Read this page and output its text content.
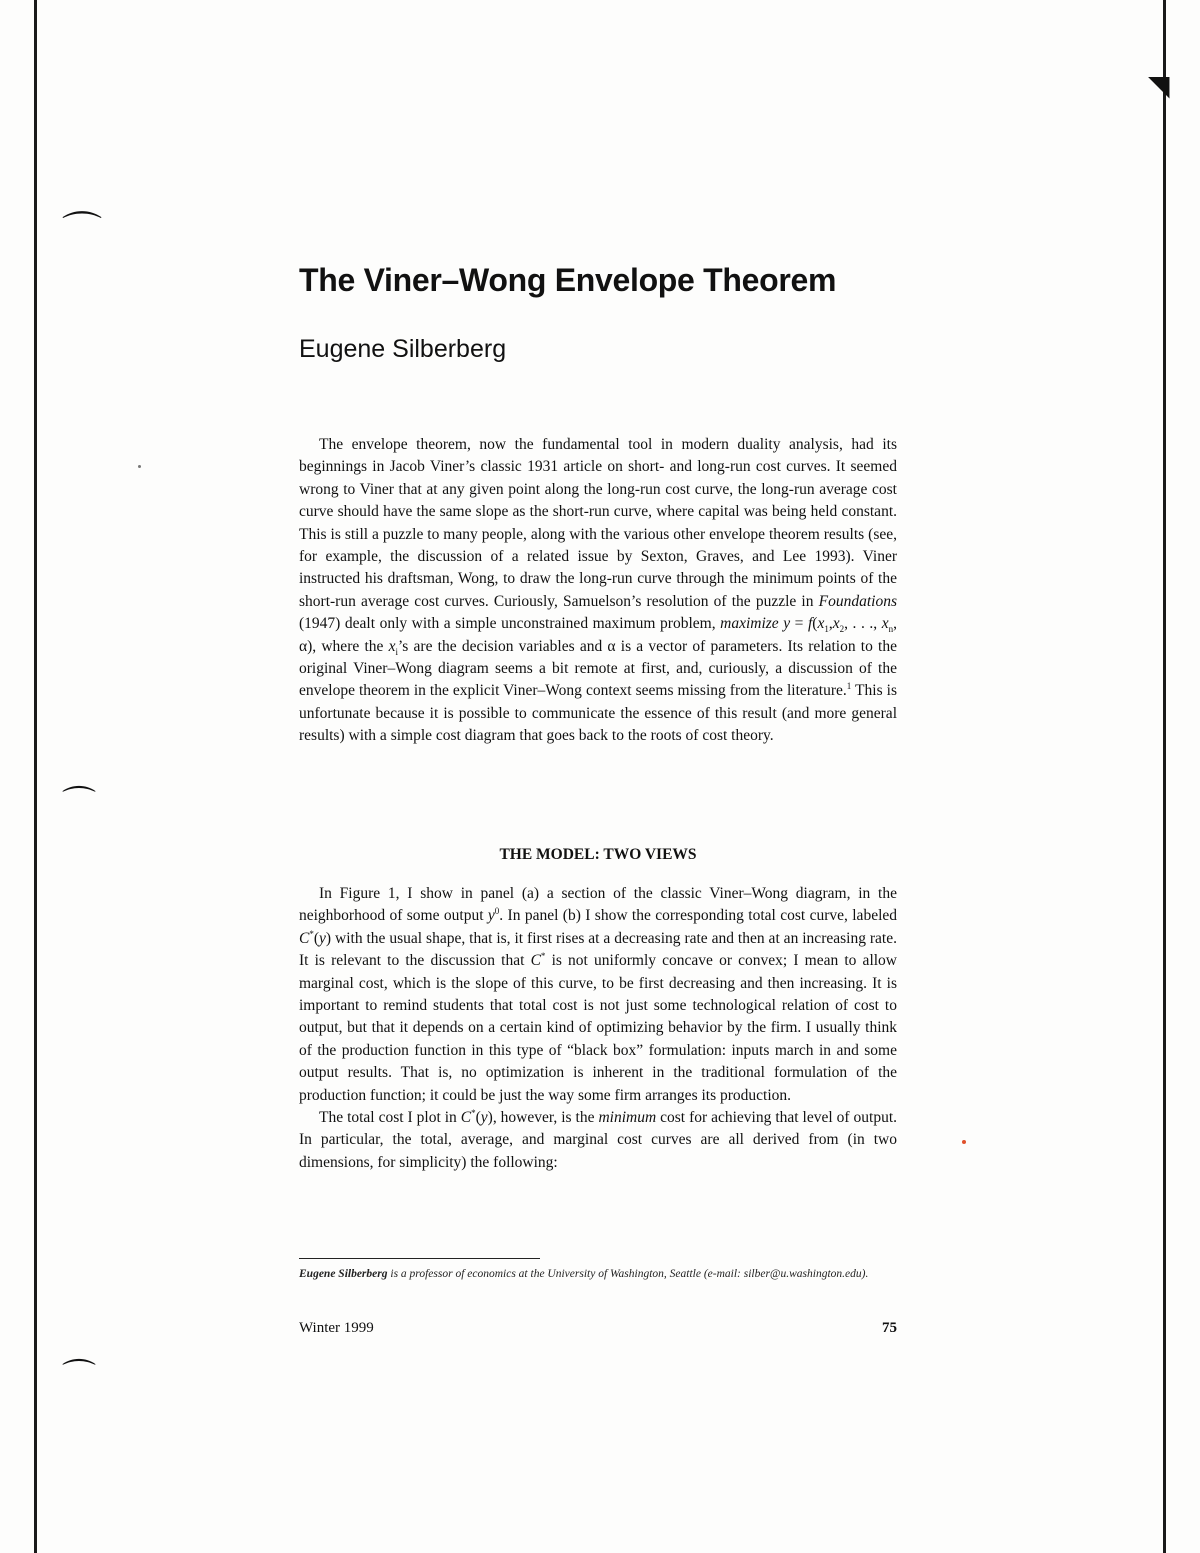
⌒
⌒
⌒
◥
The Viner–Wong Envelope Theorem
Eugene Silberberg

The envelope theorem, now the fundamental tool in modern duality analysis, had its beginnings in Jacob Viner’s classic 1931 article on short- and long-run cost curves. It seemed wrong to Viner that at any given point along the long-run cost curve, the long-run average cost curve should have the same slope as the short-run curve, where capital was being held constant. This is still a puzzle to many people, along with the various other envelope theorem results (see, for example, the discussion of a related issue by Sexton, Graves, and Lee 1993). Viner instructed his draftsman, Wong, to draw the long-run curve through the minimum points of the short-run average cost curves. Curiously, Samuelson’s resolution of the puzzle in Foundations (1947) dealt only with a simple unconstrained maximum problem, maximize $y = f(x_1,x_2$, . . ., $x_n$, α), where the $x_i’s$ are the decision variables and α is a vector of parameters. Its relation to the original Viner–Wong diagram seems a bit remote at first, and, curiously, a discussion of the envelope theorem in the explicit Viner–Wong context seems missing from the literature.$^1$ This is unfortunate because it is possible to communicate the essence of this result (and more general results) with a simple cost diagram that goes back to the roots of cost theory.

THE MODEL: TWO VIEWS

In Figure 1, I show in panel (a) a section of the classic Viner–Wong diagram, in the neighborhood of some output $y^0$. In panel (b) I show the corresponding total cost curve, labeled C*(y) with the usual shape, that is, it first rises at a decreasing rate and then at an increasing rate. It is relevant to the discussion that C* is not uniformly concave or convex; I mean to allow marginal cost, which is the slope of this curve, to be first decreasing and then increasing. It is important to remind students that total cost is not just some technological relation of cost to output, but that it depends on a certain kind of optimizing behavior by the firm. I usually think of the production function in this type of “black box” formulation: inputs march in and some output results. That is, no optimization is inherent in the traditional formulation of the production function; it could be just the way some firm arranges its production.

The total cost I plot in C*(y), however, is the minimum cost for achieving that level of output. In particular, the total, average, and marginal cost curves are all derived from (in two dimensions, for simplicity) the following:

Eugene Silberberg is a professor of economics at the University of Washington, Seattle (e-mail: silber@u.washington.edu).
Winter 1999	75
